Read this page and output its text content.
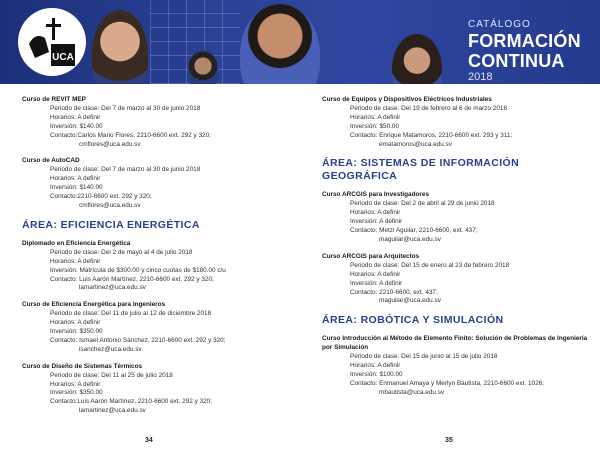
UCA
CATÁLOGO
FORMACIÓN
CONTINUA
2018
Curso de REVIT MEP
Periodo de clase: Del 7 de marzo al 30 de junio 2018
Horarios: A definir
Inversión: $140.00
Contacto:Carlos Mario Flores, 2210-6600 ext. 292 y 320;
cmflores@uca.edu.sv
Curso de AutoCAD
Periodo de clase: Del 7 de marzo al 30 de junio 2018
Horarios: A definir
Inversión: $140.00
Contacto:2210-6600 ext. 292 y 320;
cmflores@uca.edu.sv
ÁREA: EFICIENCIA ENERGÉTICA
Diplomado en Eficiencia Energética
Periodo de clase: Del 2 de mayo al 4 de julio 2018
Horarios: A definir
Inversión: Matrícula de $300.00 y cinco cuotas de $180.00 c/u
Contacto: Luis Aarón Martínez, 2210-6600 ext. 292 y 320;
lamartinez@uca.edu.sv
Curso de Eficiencia Energética para Ingenieros
Periodo de clase: Del 11 de julio al 12 de diciembre 2018
Horarios: A definir
Inversión: $350.00
Contacto: Ismael Antonio Sánchez, 2210-6600 ext. 292 y 320;
isanchez@uca.edu.sv
Curso de Diseño de Sistemas Térmicos
Periodo de clase: Del 11 al 25 de julio 2018
Horarios: A definir
Inversión: $350.00
Contacto:Luis Aarón Martínez, 2210-6600 ext. 292 y 320;
lamartinez@uca.edu.sv
Curso de Equipos y Dispositivos Eléctricos Industriales
Periodo de clase: Del 19 de febrero al 6 de marzo 2018
Horarios: A definir
Inversión: $50.00
Contacto: Enrique Matamoros, 2210-6600 ext. 293 y 311;
ematamoros@uca.edu.sv
ÁREA: SISTEMAS DE INFORMACIÓN GEOGRÁFICA
Curso ARCGIS para Investigadores
Periodo de clase: Del 2 de abril al 29 de junio 2018
Horarios: A definir
Inversión: A definir
Contacto: Metzi Aguilar, 2210-6600, ext. 437;
maguilar@uca.edu.sv
Curso ARCGIS para Arquitectos
Periodo de clase: Del 15 de enero al 23 de febrero 2018
Horarios: A definir
Inversión: A definir
Contacto: 2210-6600, ext. 437;
maguilar@uca.edu.sv
ÁREA: ROBÓTICA Y SIMULACIÓN
Curso Introducción al Método de Elemento Finito: Solución de Problemas de Ingeniería por Simulación
Periodo de clase: Del 15 de junio al 15 de julio 2018
Horarios: A definir
Inversión: $100.00
Contacto: Enmanuel Amaya y Merlyn Bautista, 2210-6600 ext. 1026;
mbautista@uca.edu.sv
34	35
